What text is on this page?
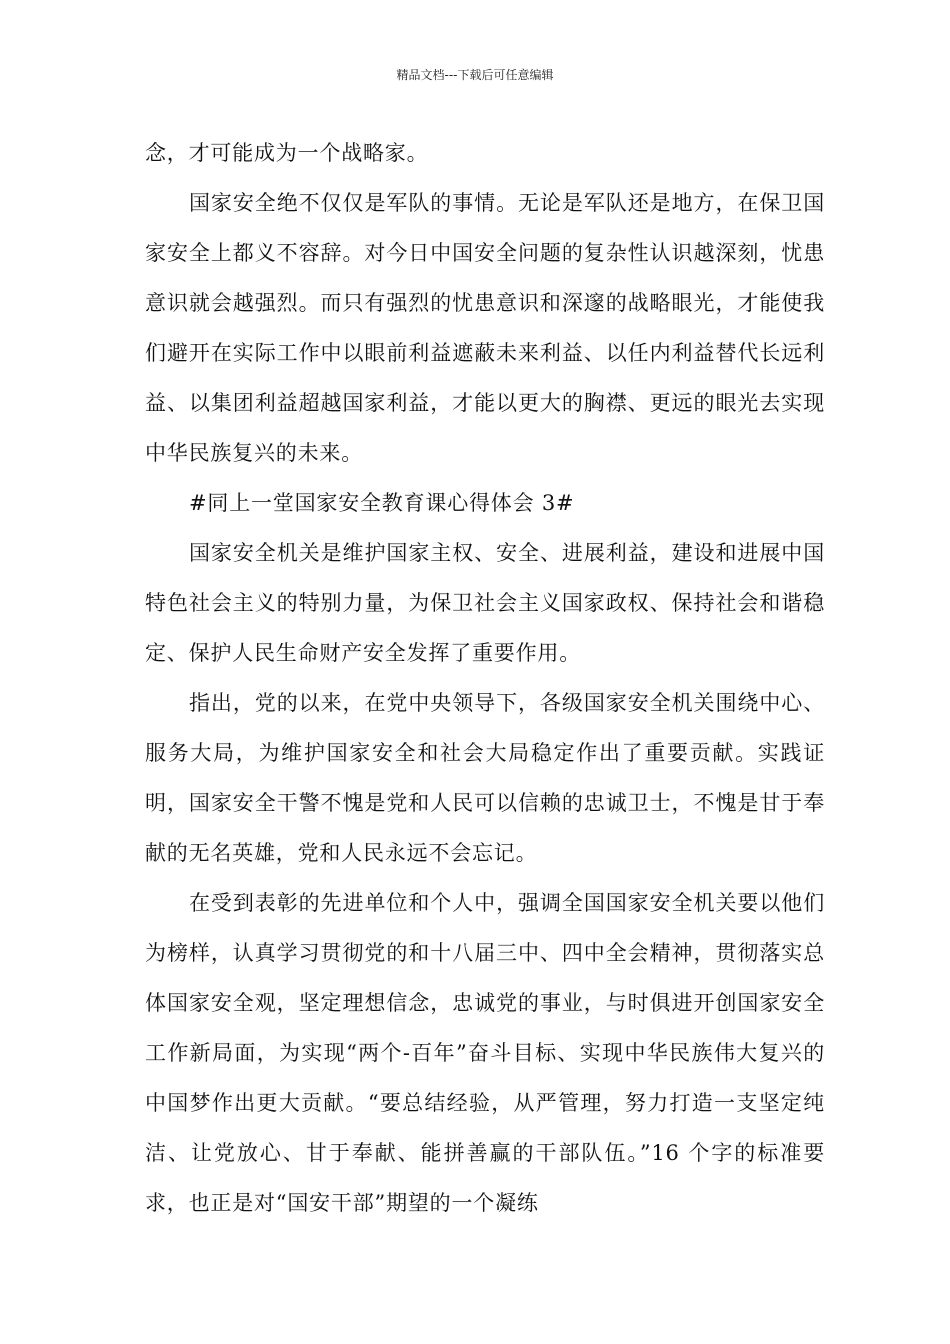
精品文档---下载后可任意编辑

念，才可能成为一个战略家。

国家安全绝不仅仅是军队的事情。无论是军队还是地方，在保卫国家安全上都义不容辞。对今日中国安全问题的复杂性认识越深刻，忧患意识就会越强烈。而只有强烈的忧患意识和深邃的战略眼光，才能使我们避开在实际工作中以眼前利益遮蔽未来利益、以任内利益替代长远利益、以集团利益超越国家利益，才能以更大的胸襟、更远的眼光去实现中华民族复兴的未来。

#同上一堂国家安全教育课心得体会 3#

国家安全机关是维护国家主权、安全、进展利益，建设和进展中国特色社会主义的特别力量，为保卫社会主义国家政权、保持社会和谐稳定、保护人民生命财产安全发挥了重要作用。

指出，党的以来，在党中央领导下，各级国家安全机关围绕中心、服务大局，为维护国家安全和社会大局稳定作出了重要贡献。实践证明，国家安全干警不愧是党和人民可以信赖的忠诚卫士，不愧是甘于奉献的无名英雄，党和人民永远不会忘记。

在受到表彰的先进单位和个人中，强调全国国家安全机关要以他们为榜样，认真学习贯彻党的和十八届三中、四中全会精神，贯彻落实总体国家安全观，坚定理想信念，忠诚党的事业，与时俱进开创国家安全工作新局面，为实现“两个-百年”奋斗目标、实现中华民族伟大复兴的中国梦作出更大贡献。“要总结经验，从严管理，努力打造一支坚定纯洁、让党放心、甘于奉献、能拼善赢的干部队伍。”16 个字的标准要求，也正是对“国安干部”期望的一个凝练
